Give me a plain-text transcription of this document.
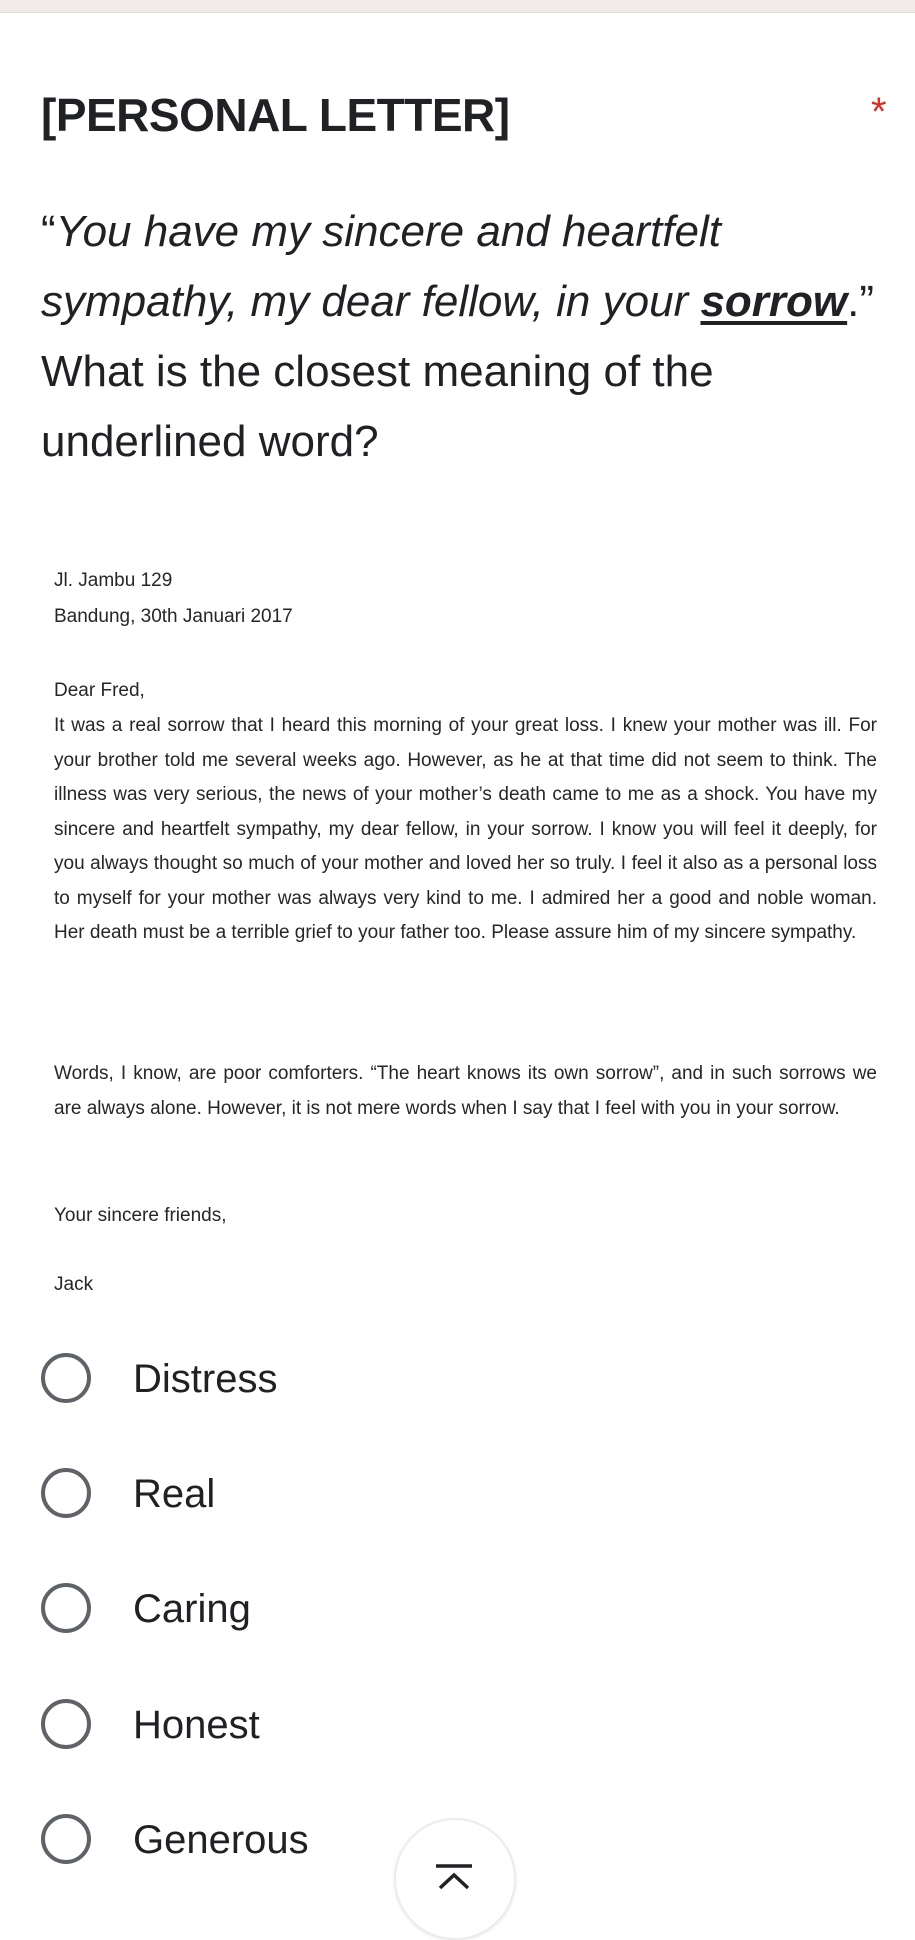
[PERSONAL LETTER]	*
“You have my sincere and heartfelt sympathy, my dear fellow, in your sorrow.” What is the closest meaning of the underlined word?
Jl. Jambu 129
Bandung, 30th Januari 2017
Dear Fred,
It was a real sorrow that I heard this morning of your great loss. I knew your mother was ill. For your brother told me several weeks ago. However, as he at that time did not seem to think. The illness was very serious, the news of your mother’s death came to me as a shock. You have my sincere and heartfelt sympathy, my dear fellow, in your sorrow. I know you will feel it deeply, for you always thought so much of your mother and loved her so truly. I feel it also as a personal loss to myself for your mother was always very kind to me. I admired her a good and noble woman. Her death must be a terrible grief to your father too. Please assure him of my sincere sympathy.
Words, I know, are poor comforters. “The heart knows its own sorrow”, and in such sorrows we are always alone. However, it is not mere words when I say that I feel with you in your sorrow.
Your sincere friends,
Jack
Distress
Real
Caring
Honest
Generous
